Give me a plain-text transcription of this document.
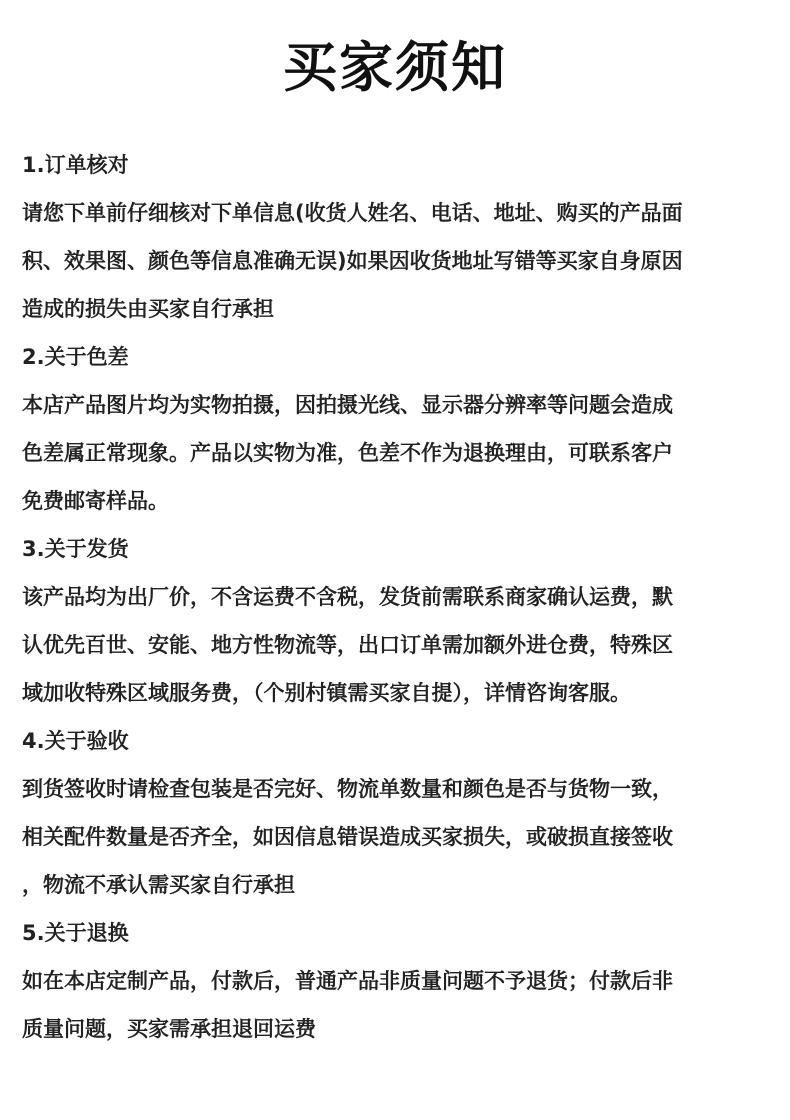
买家须知
1.订单核对
请您下单前仔细核对下单信息(收货人姓名、电话、地址、购买的产品面
积、效果图、颜色等信息准确无误)如果因收货地址写错等买家自身原因
造成的损失由买家自行承担
2.关于色差
本店产品图片均为实物拍摄，因拍摄光线、显示器分辨率等问题会造成
色差属正常现象。产品以实物为准，色差不作为退换理由，可联系客户
免费邮寄样品。
3.关于发货
该产品均为出厂价，不含运费不含税，发货前需联系商家确认运费，默
认优先百世、安能、地方性物流等，出口订单需加额外进仓费，特殊区
域加收特殊区域服务费，（个别村镇需买家自提），详情咨询客服。
4.关于验收
到货签收时请检查包装是否完好、物流单数量和颜色是否与货物一致，
相关配件数量是否齐全，如因信息错误造成买家损失，或破损直接签收
，物流不承认需买家自行承担
5.关于退换
如在本店定制产品，付款后，普通产品非质量问题不予退货；付款后非
质量问题，买家需承担退回运费
